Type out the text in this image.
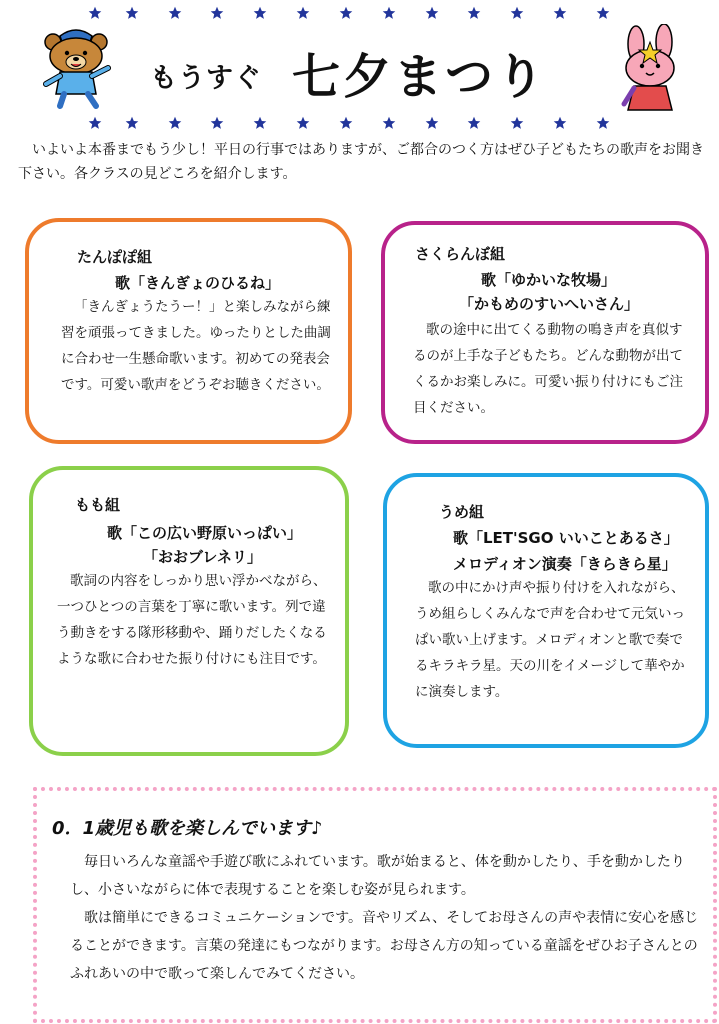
もうすぐ 七夕まつり
いよいよ本番までもう少し！平日の行事ではありますが、ご都合のつく方はぜひ子どもたちの歌声をお聞き下さい。各クラスの見どころを紹介します。
たんぽぽ組
歌「きんぎょのひるね」
「きんぎょうたうー！」と楽しみながら練習を頑張ってきました。ゆったりとした曲調に合わせ一生懸命歌います。初めての発表会です。可愛い歌声をどうぞお聴きください。
さくらんぼ組
歌「ゆかいな牧場」
「かもめのすいへいさん」
歌の途中に出てくる動物の鳴き声を真似するのが上手な子どもたち。どんな動物が出てくるかお楽しみに。可愛い振り付けにもご注目ください。
もも組
歌「この広い野原いっぱい」
「おおブレネリ」
歌詞の内容をしっかり思い浮かべながら、一つひとつの言葉を丁寧に歌います。列で違う動きをする隊形移動や、踊りだしたくなるような歌に合わせた振り付けにも注目です。
うめ組
歌「LET'SGO いいことあるさ」
メロディオン演奏「きらきら星」
歌の中にかけ声や振り付けを入れながら、うめ組らしくみんなで声を合わせて元気いっぱい歌い上げます。メロディオンと歌で奏でるキラキラ星。天の川をイメージして華やかに演奏します。
0．1歳児も歌を楽しんでいます♪

毎日いろんな童謡や手遊び歌にふれています。歌が始まると、体を動かしたり、手を動かしたりし、小さいながらに体で表現することを楽しむ姿が見られます。

歌は簡単にできるコミュニケーションです。音やリズム、そしてお母さんの声や表情に安心を感じることができます。言葉の発達にもつながります。お母さん方の知っている童謡をぜひお子さんとのふれあいの中で歌って楽しんでみてください。
